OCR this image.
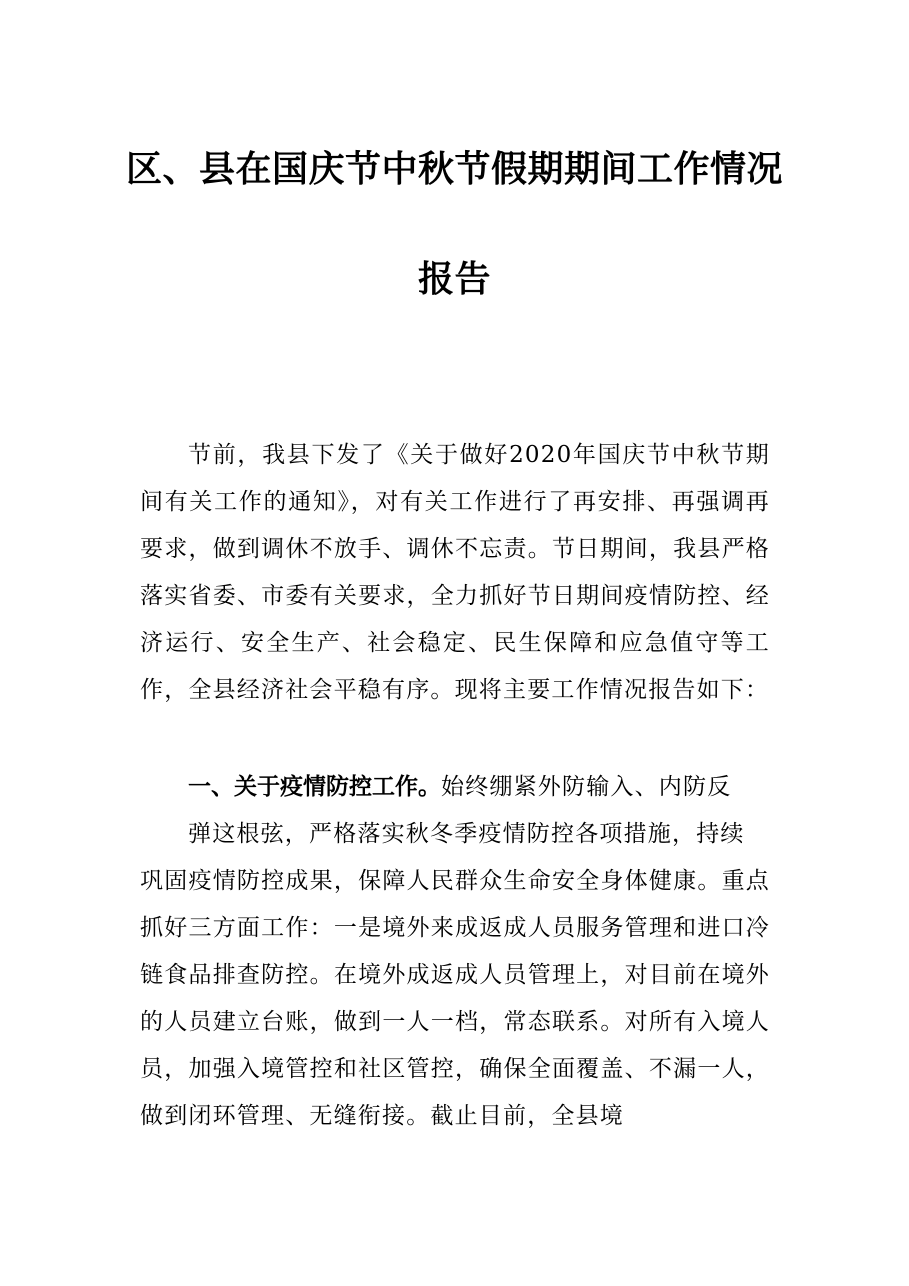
区、县在国庆节中秋节假期期间工作情况
报告
节前，我县下发了《关于做好2020年国庆节中秋节期间有关工作的通知》，对有关工作进行了再安排、再强调再要求，做到调休不放手、调休不忘责。节日期间，我县严格落实省委、市委有关要求，全力抓好节日期间疫情防控、经济运行、安全生产、社会稳定、民生保障和应急值守等工作，全县经济社会平稳有序。现将主要工作情况报告如下：
一、关于疫情防控工作。始终绷紧外防输入、内防反
弹这根弦，严格落实秋冬季疫情防控各项措施，持续
巩固疫情防控成果，保障人民群众生命安全身体健康。重点抓好三方面工作：一是境外来成返成人员服务管理和进口冷链食品排查防控。在境外成返成人员管理上，对目前在境外的人员建立台账，做到一人一档，常态联系。对所有入境人员，加强入境管控和社区管控，确保全面覆盖、不漏一人，做到闭环管理、无缝衔接。截止目前，全县境
